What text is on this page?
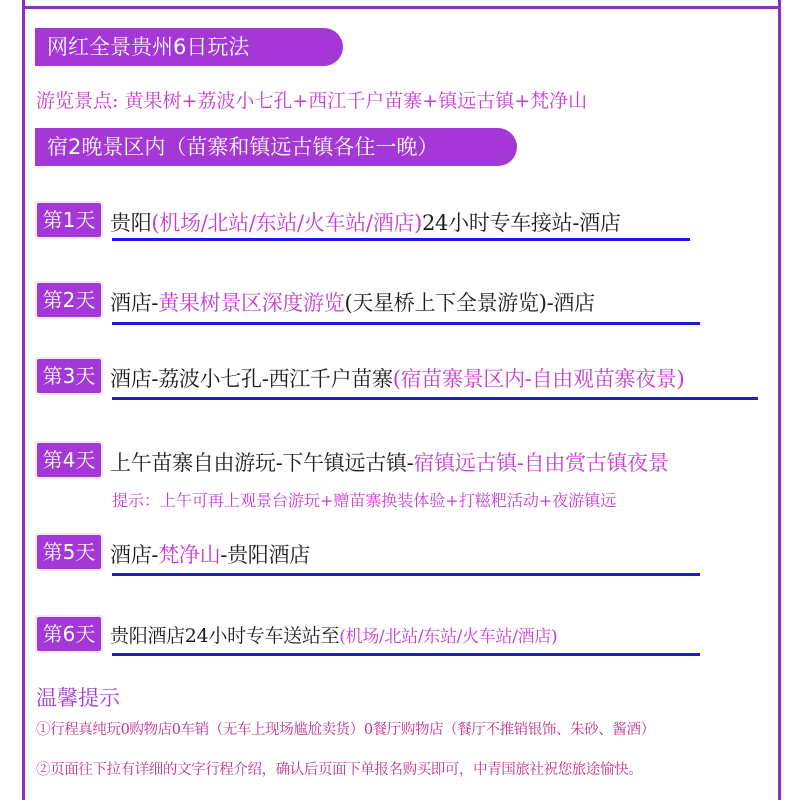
网红全景贵州6日玩法
游览景点: 黄果树+荔波小七孔+西江千户苗寨+镇远古镇+梵净山
宿2晚景区内（苗寨和镇远古镇各住一晚）
第1天 贵阳(机场/北站/东站/火车站/酒店)24小时专车接站-酒店
第2天 酒店-黄果树景区深度游览(天星桥上下全景游览)-酒店
第3天 酒店-荔波小七孔-西江千户苗寨(宿苗寨景区内-自由观苗寨夜景)
第4天 上午苗寨自由游玩-下午镇远古镇-宿镇远古镇-自由赏古镇夜景
第5天 酒店-梵净山-贵阳酒店
第6天 贵阳酒店24小时专车送站至(机场/北站/东站/火车站/酒店)
提示：上午可再上观景台游玩+赠苗寨换装体验+打糍粑活动+夜游镇远
温馨提示
①行程真纯玩0购物店0车销（无车上现场尴尬卖货）0餐厅购物店（餐厅不推销银饰、朱砂、酱酒）
②页面往下拉有详细的文字行程介绍，确认后页面下单报名购买即可，中青国旅社祝您旅途愉快。
